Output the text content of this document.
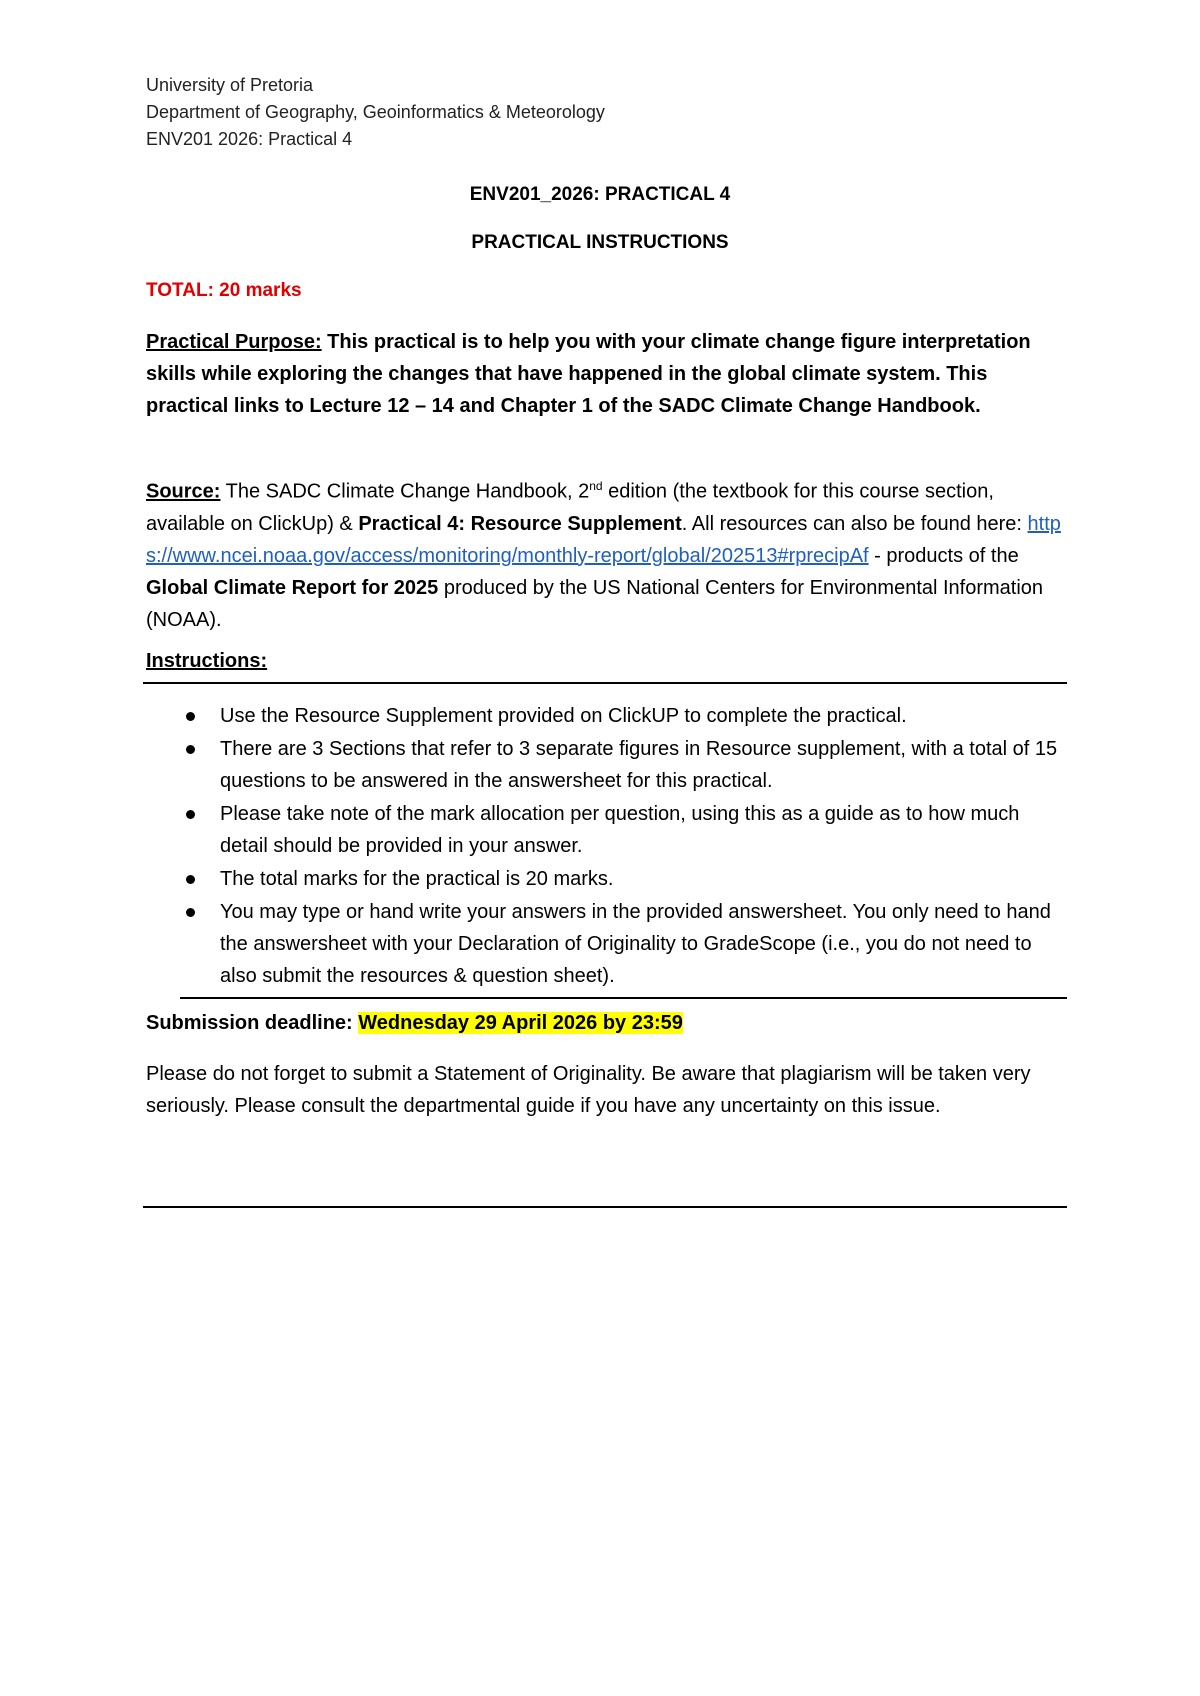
University of Pretoria
Department of Geography, Geoinformatics & Meteorology
ENV201 2026: Practical 4
ENV201_2026: PRACTICAL 4
PRACTICAL INSTRUCTIONS
TOTAL: 20 marks
Practical Purpose: This practical is to help you with your climate change figure interpretation skills while exploring the changes that have happened in the global climate system. This practical links to Lecture 12 – 14 and Chapter 1 of the SADC Climate Change Handbook.
Source: The SADC Climate Change Handbook, 2nd edition (the textbook for this course section, available on ClickUp) & Practical 4: Resource Supplement. All resources can also be found here: https://www.ncei.noaa.gov/access/monitoring/monthly-report/global/202513#rprecipAf - products of the Global Climate Report for 2025 produced by the US National Centers for Environmental Information (NOAA).
Instructions:
Use the Resource Supplement provided on ClickUP to complete the practical.
There are 3 Sections that refer to 3 separate figures in Resource supplement, with a total of 15 questions to be answered in the answersheet for this practical.
Please take note of the mark allocation per question, using this as a guide as to how much detail should be provided in your answer.
The total marks for the practical is 20 marks.
You may type or hand write your answers in the provided answersheet. You only need to hand the answersheet with your Declaration of Originality to GradeScope (i.e., you do not need to also submit the resources & question sheet).
Submission deadline: Wednesday 29 April 2026 by 23:59
Please do not forget to submit a Statement of Originality. Be aware that plagiarism will be taken very seriously. Please consult the departmental guide if you have any uncertainty on this issue.
